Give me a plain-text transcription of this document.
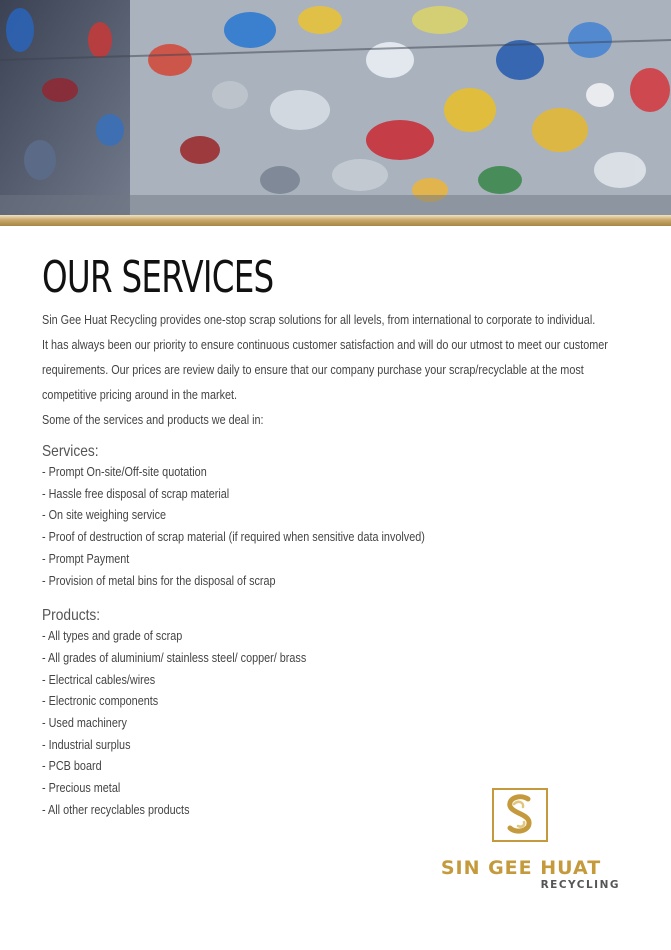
OUR SERVICES

Sin Gee Huat Recycling provides one-stop scrap solutions for all levels, from international to corporate to individual.

It has always been our priority to ensure continuous customer satisfaction and will do our utmost to meet our customer requirements. Our prices are review daily to ensure that our company purchase your scrap/recyclable at the most competitive pricing around in the market.

Some of the services and products we deal in:

Services:
- Prompt On-site/Off-site quotation
- Hassle free disposal of scrap material
- On site weighing service
- Proof of destruction of scrap material (if required when sensitive data involved)
- Prompt Payment
- Provision of metal bins for the disposal of scrap
Products:
- All types and grade of scrap
- All grades of aluminium/ stainless steel/ copper/ brass
- Electrical cables/wires
- Electronic components
- Used machinery
- Industrial surplus
- PCB board
- Precious metal
- All other recyclables products
SIN GEE HUAT
RECYCLING
